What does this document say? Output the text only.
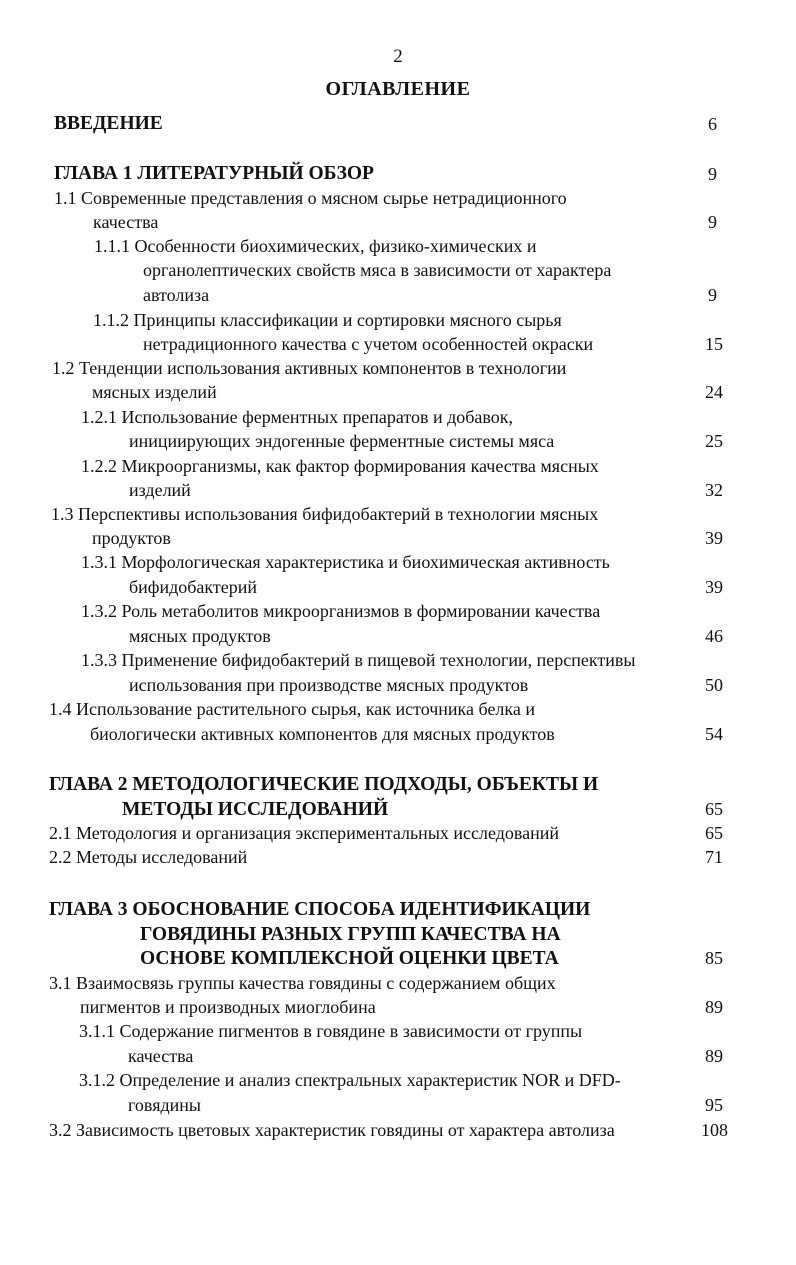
2
ОГЛАВЛЕНИЕ
ВВЕДЕНИЕ	6
ГЛАВА 1 ЛИТЕРАТУРНЫЙ ОБЗОР	9
1.1 Современные представления о мясном сырье нетрадиционного
качества	9
1.1.1 Особенности биохимических, физико-химических и
органолептических свойств мяса в зависимости от характера
автолиза	9
1.1.2 Принципы классификации и сортировки мясного сырья
нетрадиционного качества с учетом особенностей окраски	15
1.2 Тенденции использования активных компонентов в технологии
мясных изделий	24
1.2.1 Использование ферментных препаратов и добавок,
инициирующих эндогенные ферментные системы мяса	25
1.2.2 Микроорганизмы, как фактор формирования качества мясных
изделий	32
1.3 Перспективы использования бифидобактерий в технологии мясных
продуктов	39
1.3.1 Морфологическая характеристика и биохимическая активность
бифидобактерий	39
1.3.2 Роль метаболитов микроорганизмов в формировании качества
мясных продуктов	46
1.3.3 Применение бифидобактерий в пищевой технологии, перспективы
использования при производстве мясных продуктов	50
1.4 Использование растительного сырья, как источника белка и
биологически активных компонентов для мясных продуктов	54
ГЛАВА 2 МЕТОДОЛОГИЧЕСКИЕ ПОДХОДЫ, ОБЪЕКТЫ И
МЕТОДЫ ИССЛЕДОВАНИЙ	65
2.1 Методология и организация экспериментальных исследований	65
2.2 Методы исследований	71
ГЛАВА 3 ОБОСНОВАНИЕ СПОСОБА ИДЕНТИФИКАЦИИ
ГОВЯДИНЫ РАЗНЫХ ГРУПП КАЧЕСТВА НА
ОСНОВЕ КОМПЛЕКСНОЙ ОЦЕНКИ ЦВЕТА	85
3.1 Взаимосвязь группы качества говядины с содержанием общих
пигментов и производных миоглобина	89
3.1.1 Содержание пигментов в говядине в зависимости от группы
качества	89
3.1.2 Определение и анализ спектральных характеристик NOR и DFD-
говядины	95
3.2 Зависимость цветовых характеристик говядины от характера автолиза	108
